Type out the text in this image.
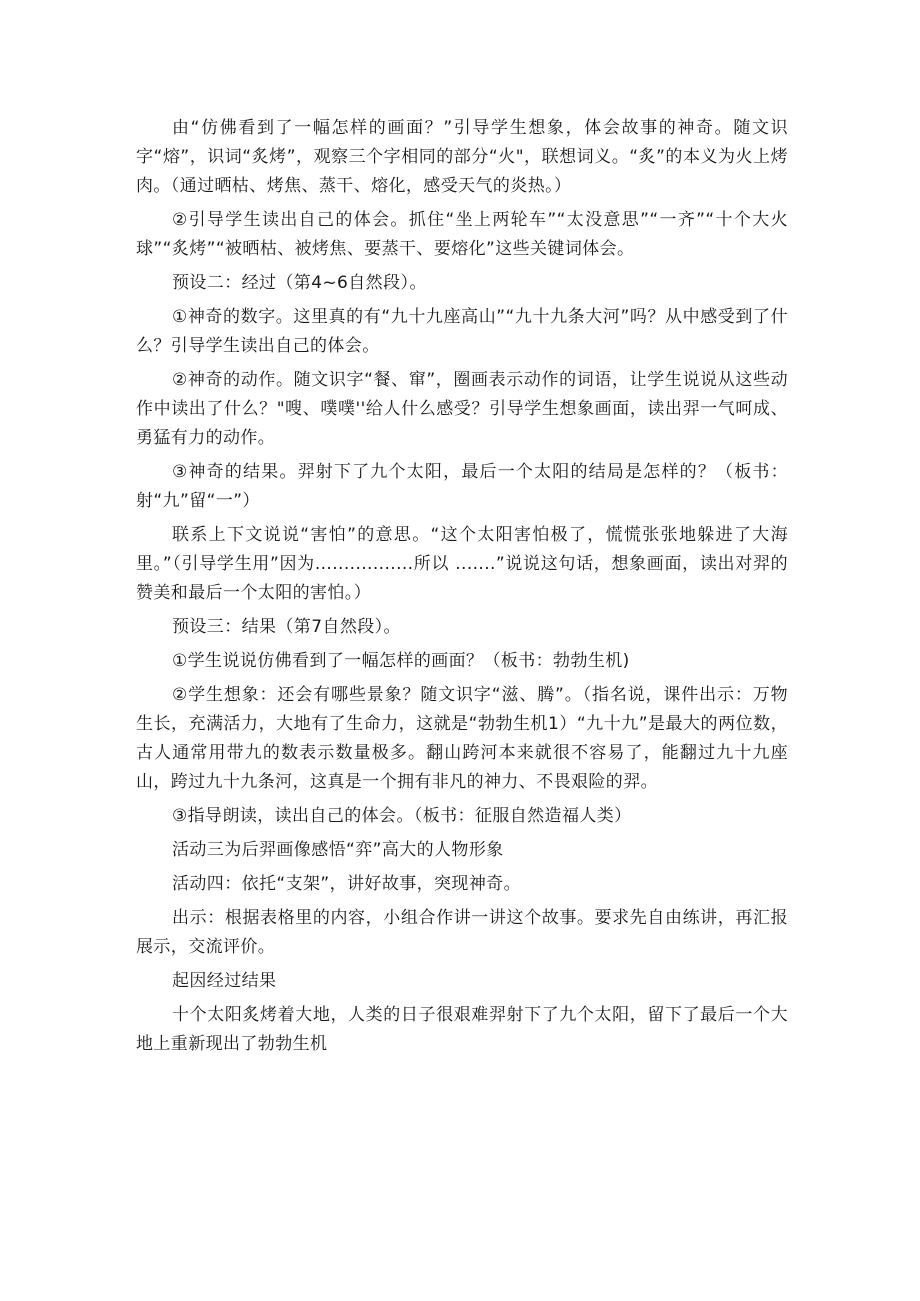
由“仿佛看到了一幅怎样的画面？”引导学生想象，体会故事的神奇。随文识字“熔”，识词“炙烤”，观察三个字相同的部分“火"，联想词义。“炙”的本义为火上烤肉。（通过晒枯、烤焦、蒸干、熔化，感受天气的炎热。）

②引导学生读出自己的体会。抓住“坐上两轮车”“太没意思”“一齐”“十个大火球”“炙烤”“被晒枯、被烤焦、要蒸干、要熔化”这些关键词体会。

预设二：经过（第4~6自然段）。

①神奇的数字。这里真的有“九十九座高山”“九十九条大河”吗？从中感受到了什么？引导学生读出自己的体会。

②神奇的动作。随文识字“餐、窜”，圈画表示动作的词语，让学生说说从这些动作中读出了什么？"嗖、噗噗''给人什么感受？引导学生想象画面，读出羿一气呵成、勇猛有力的动作。

③神奇的结果。羿射下了九个太阳，最后一个太阳的结局是怎样的？（板书：射“九”留“一”）

联系上下文说说“害怕”的意思。“这个太阳害怕极了，慌慌张张地躲进了大海里。”（引导学生用”因为.................所以 .......”说说这句话，想象画面，读出对羿的赞美和最后一个太阳的害怕。）

预设三：结果（第7自然段）。

①学生说说仿佛看到了一幅怎样的画面？（板书：勃勃生机)

②学生想象：还会有哪些景象？随文识字“滋、腾”。（指名说，课件出示：万物生长，充满活力，大地有了生命力，这就是“勃勃生机1）“九十九”是最大的两位数，古人通常用带九的数表示数量极多。翻山跨河本来就很不容易了，能翻过九十九座山，跨过九十九条河，这真是一个拥有非凡的神力、不畏艰险的羿。

③指导朗读，读出自己的体会。（板书：征服自然造福人类）

活动三为后羿画像感悟“弈”高大的人物形象

活动四：依托“支架”，讲好故事，突现神奇。

出示：根据表格里的内容，小组合作讲一讲这个故事。要求先自由练讲，再汇报展示，交流评价。

起因经过结果

十个太阳炙烤着大地，人类的日子很艰难羿射下了九个太阳，留下了最后一个大地上重新现出了勃勃生机
